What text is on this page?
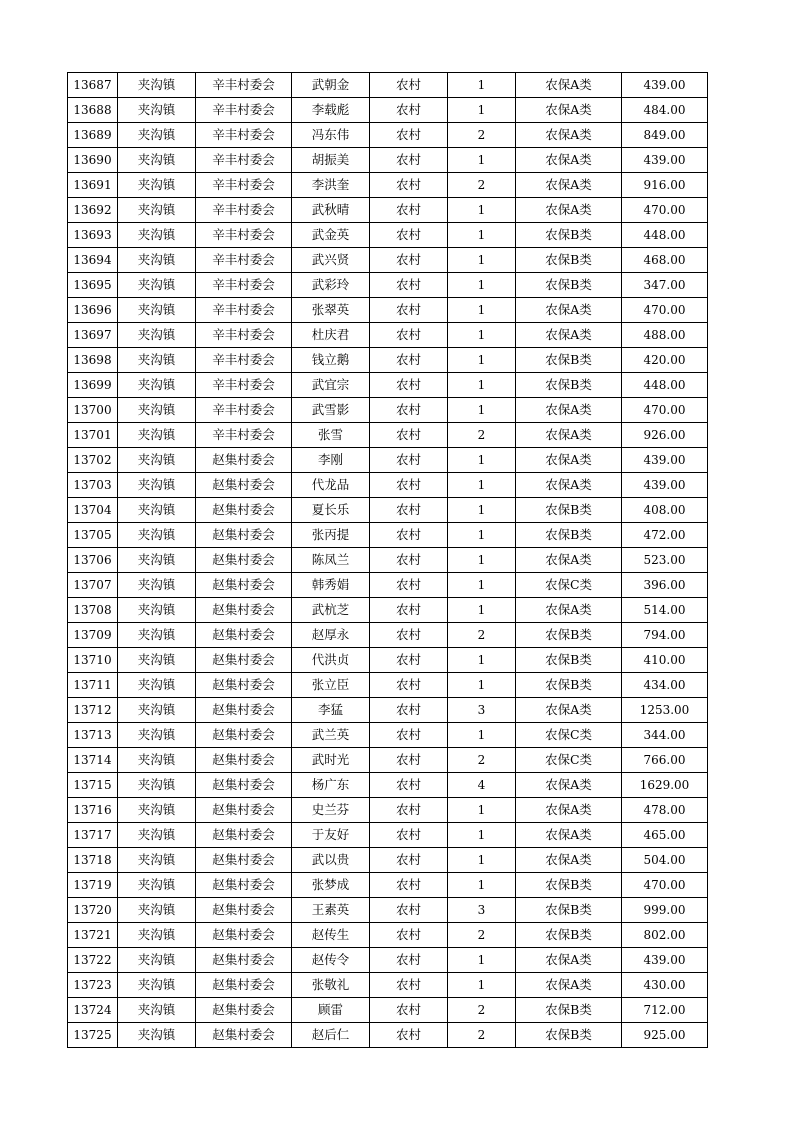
13687	夹沟镇	辛丰村委会	武朝金	农村	1	农保A类	439.00
13688	夹沟镇	辛丰村委会	李载彪	农村	1	农保A类	484.00
13689	夹沟镇	辛丰村委会	冯东伟	农村	2	农保A类	849.00
13690	夹沟镇	辛丰村委会	胡振美	农村	1	农保A类	439.00
13691	夹沟镇	辛丰村委会	李洪奎	农村	2	农保A类	916.00
13692	夹沟镇	辛丰村委会	武秋晴	农村	1	农保A类	470.00
13693	夹沟镇	辛丰村委会	武金英	农村	1	农保B类	448.00
13694	夹沟镇	辛丰村委会	武兴贤	农村	1	农保B类	468.00
13695	夹沟镇	辛丰村委会	武彩玲	农村	1	农保B类	347.00
13696	夹沟镇	辛丰村委会	张翠英	农村	1	农保A类	470.00
13697	夹沟镇	辛丰村委会	杜庆君	农村	1	农保A类	488.00
13698	夹沟镇	辛丰村委会	钱立鹅	农村	1	农保B类	420.00
13699	夹沟镇	辛丰村委会	武宜宗	农村	1	农保B类	448.00
13700	夹沟镇	辛丰村委会	武雪影	农村	1	农保A类	470.00
13701	夹沟镇	辛丰村委会	张雪	农村	2	农保A类	926.00
13702	夹沟镇	赵集村委会	李刚	农村	1	农保A类	439.00
13703	夹沟镇	赵集村委会	代龙品	农村	1	农保A类	439.00
13704	夹沟镇	赵集村委会	夏长乐	农村	1	农保B类	408.00
13705	夹沟镇	赵集村委会	张丙提	农村	1	农保B类	472.00
13706	夹沟镇	赵集村委会	陈凤兰	农村	1	农保A类	523.00
13707	夹沟镇	赵集村委会	韩秀娟	农村	1	农保C类	396.00
13708	夹沟镇	赵集村委会	武杭芝	农村	1	农保A类	514.00
13709	夹沟镇	赵集村委会	赵厚永	农村	2	农保B类	794.00
13710	夹沟镇	赵集村委会	代洪贞	农村	1	农保B类	410.00
13711	夹沟镇	赵集村委会	张立臣	农村	1	农保B类	434.00
13712	夹沟镇	赵集村委会	李猛	农村	3	农保A类	1253.00
13713	夹沟镇	赵集村委会	武兰英	农村	1	农保C类	344.00
13714	夹沟镇	赵集村委会	武时光	农村	2	农保C类	766.00
13715	夹沟镇	赵集村委会	杨广东	农村	4	农保A类	1629.00
13716	夹沟镇	赵集村委会	史兰芬	农村	1	农保A类	478.00
13717	夹沟镇	赵集村委会	于友好	农村	1	农保A类	465.00
13718	夹沟镇	赵集村委会	武以贵	农村	1	农保A类	504.00
13719	夹沟镇	赵集村委会	张梦成	农村	1	农保B类	470.00
13720	夹沟镇	赵集村委会	王素英	农村	3	农保B类	999.00
13721	夹沟镇	赵集村委会	赵传生	农村	2	农保B类	802.00
13722	夹沟镇	赵集村委会	赵传令	农村	1	农保A类	439.00
13723	夹沟镇	赵集村委会	张敬礼	农村	1	农保A类	430.00
13724	夹沟镇	赵集村委会	顾雷	农村	2	农保B类	712.00
13725	夹沟镇	赵集村委会	赵后仁	农村	2	农保B类	925.00
